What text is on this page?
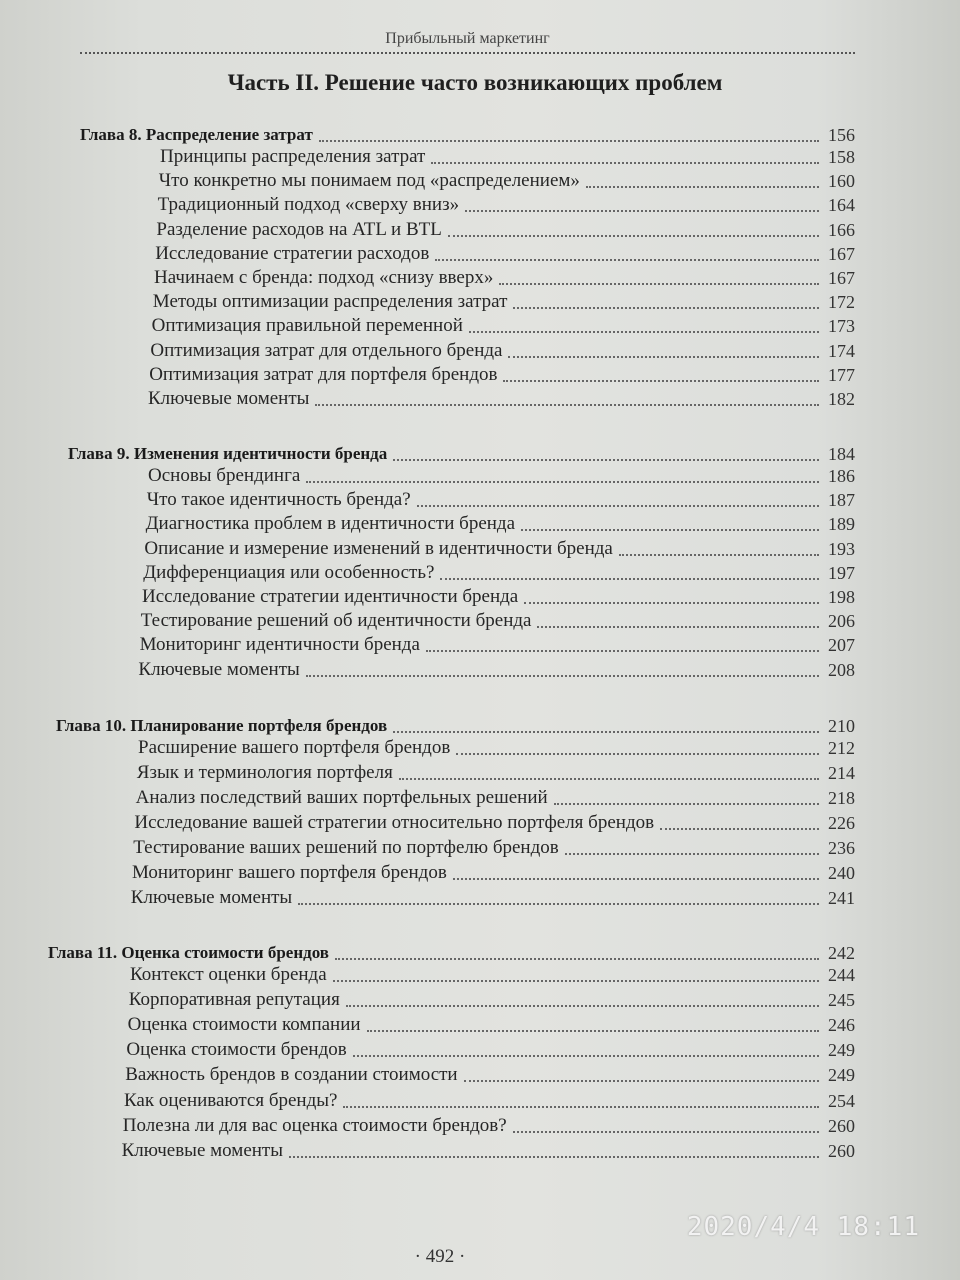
Прибыльный маркетинг
Часть II. Решение часто возникающих проблем
Глава 8. Распределение затрат	156
Принципы распределения затрат	158
Что конкретно мы понимаем под «распределением»	160
Традиционный подход «сверху вниз»	164
Разделение расходов на ATL и BTL	166
Исследование стратегии расходов	167
Начинаем с бренда: подход «снизу вверх»	167
Методы оптимизации распределения затрат	172
Оптимизация правильной переменной	173
Оптимизация затрат для отдельного бренда	174
Оптимизация затрат для портфеля брендов	177
Ключевые моменты	182
Глава 9. Изменения идентичности бренда	184
Основы брендинга	186
Что такое идентичность бренда?	187
Диагностика проблем в идентичности бренда	189
Описание и измерение изменений в идентичности бренда	193
Дифференциация или особенность?	197
Исследование стратегии идентичности бренда	198
Тестирование решений об идентичности бренда	206
Мониторинг идентичности бренда	207
Ключевые моменты	208
Глава 10. Планирование портфеля брендов	210
Расширение вашего портфеля брендов	212
Язык и терминология портфеля	214
Анализ последствий ваших портфельных решений	218
Исследование вашей стратегии относительно портфеля брендов	226
Тестирование ваших решений по портфелю брендов	236
Мониторинг вашего портфеля брендов	240
Ключевые моменты	241
Глава 11. Оценка стоимости брендов	242
Контекст оценки бренда	244
Корпоративная репутация	245
Оценка стоимости компании	246
Оценка стоимости брендов	249
Важность брендов в создании стоимости	249
Как оцениваются бренды?	254
Полезна ли для вас оценка стоимости брендов?	260
Ключевые моменты	260
· 492 ·
2020/4/4 18:11
